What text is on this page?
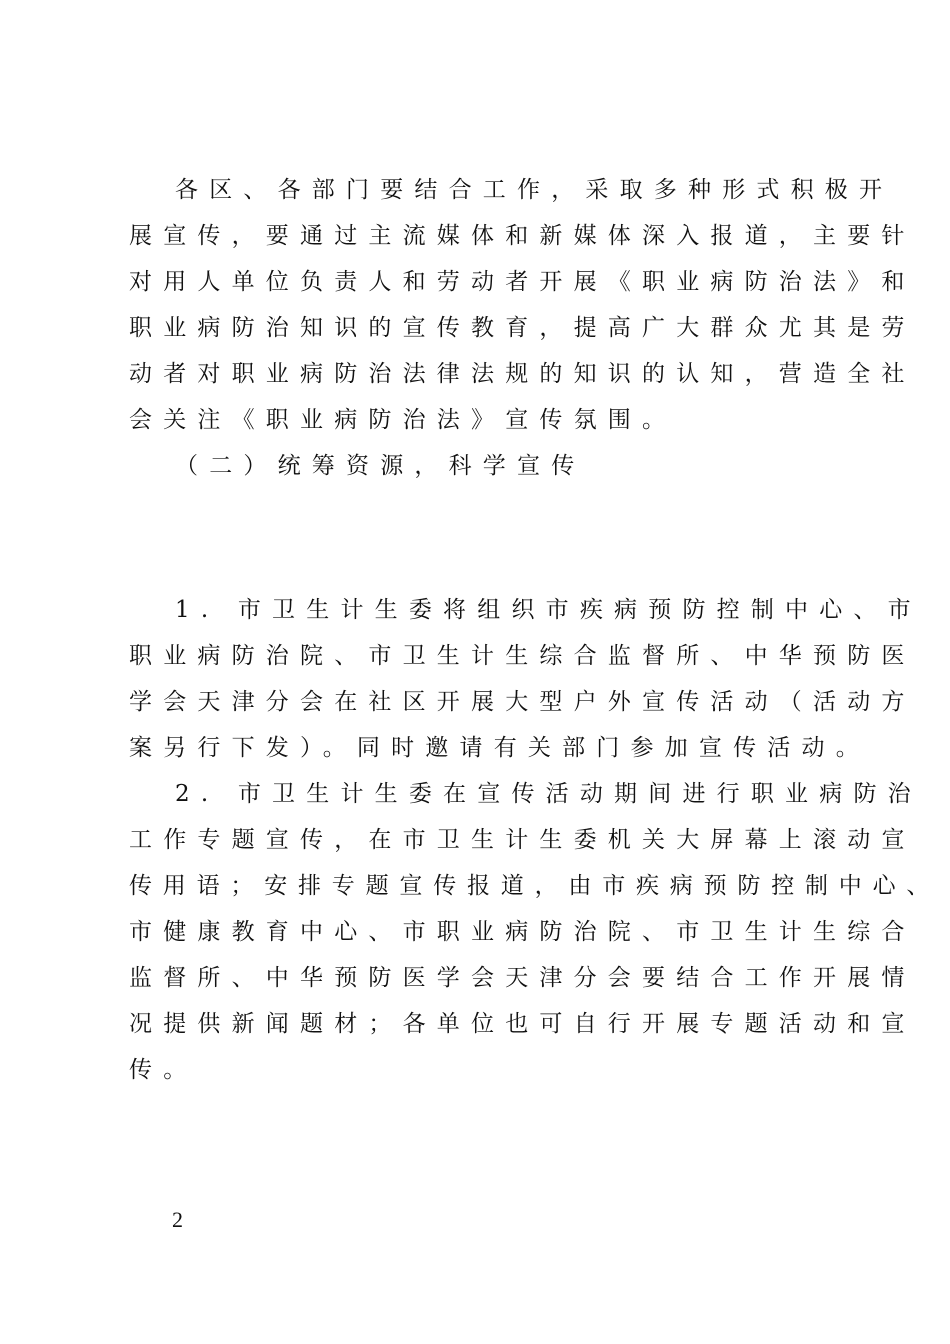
各区、各部门要结合工作，采取多种形式积极开
展宣传，要通过主流媒体和新媒体深入报道，主要针
对用人单位负责人和劳动者开展《职业病防治法》和
职业病防治知识的宣传教育，提高广大群众尤其是劳
动者对职业病防治法律法规的知识的认知，营造全社
会关注《职业病防治法》宣传氛围。
（二）统筹资源，科学宣传
1. 市卫生计生委将组织市疾病预防控制中心、市
职业病防治院、市卫生计生综合监督所、中华预防医
学会天津分会在社区开展大型户外宣传活动（活动方
案另行下发）。同时邀请有关部门参加宣传活动。
2. 市卫生计生委在宣传活动期间进行职业病防治
工作专题宣传，在市卫生计生委机关大屏幕上滚动宣
传用语；安排专题宣传报道，由市疾病预防控制中心、
市健康教育中心、市职业病防治院、市卫生计生综合
监督所、中华预防医学会天津分会要结合工作开展情
况提供新闻题材；各单位也可自行开展专题活动和宣
传。
2
